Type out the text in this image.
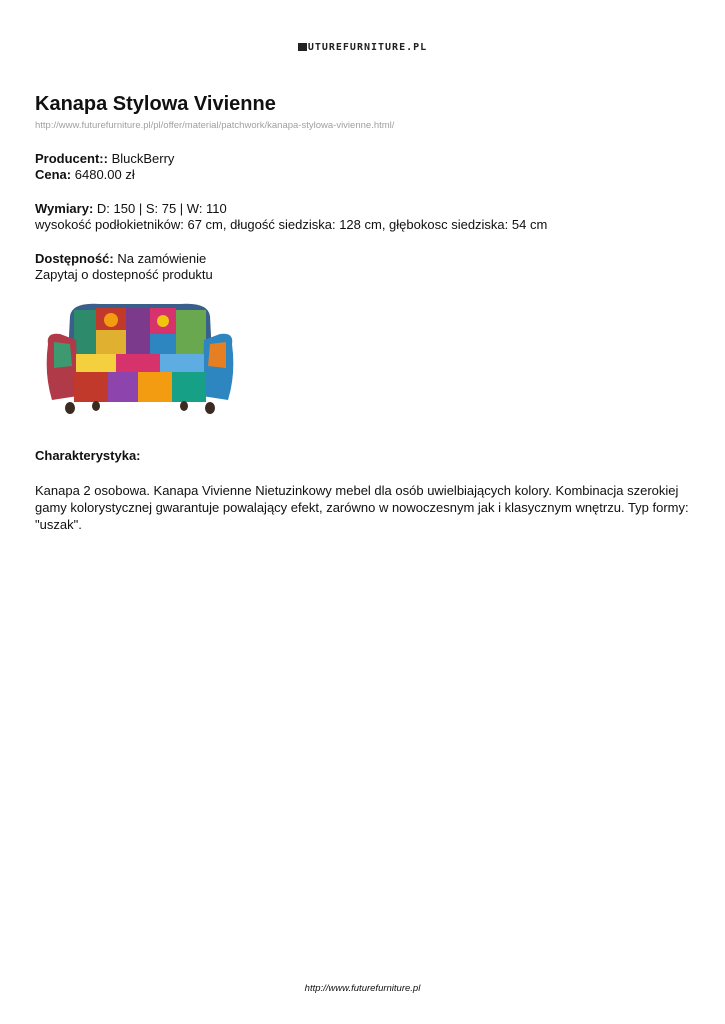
UTUREFURNITURE.PL
Kanapa Stylowa Vivienne
http://www.futurefurniture.pl/pl/offer/material/patchwork/kanapa-stylowa-vivienne.html/
Producent:: BluckBerry
Cena: 6480.00 zł
Wymiary: D: 150 | S: 75 | W: 110
wysokość podłokietników: 67 cm, długość siedziska: 128 cm, głębokosc siedziska: 54 cm
Dostępność: Na zamówienie
Zapytaj o dostepność produktu
Charakterystyka:
Kanapa 2 osobowa. Kanapa Vivienne Nietuzinkowy mebel dla osób uwielbiających kolory. Kombinacja szerokiej gamy kolorystycznej gwarantuje powalający efekt, zarówno w nowoczesnym jak i klasycznym wnętrzu. Typ formy: "uszak".
http://www.futurefurniture.pl
